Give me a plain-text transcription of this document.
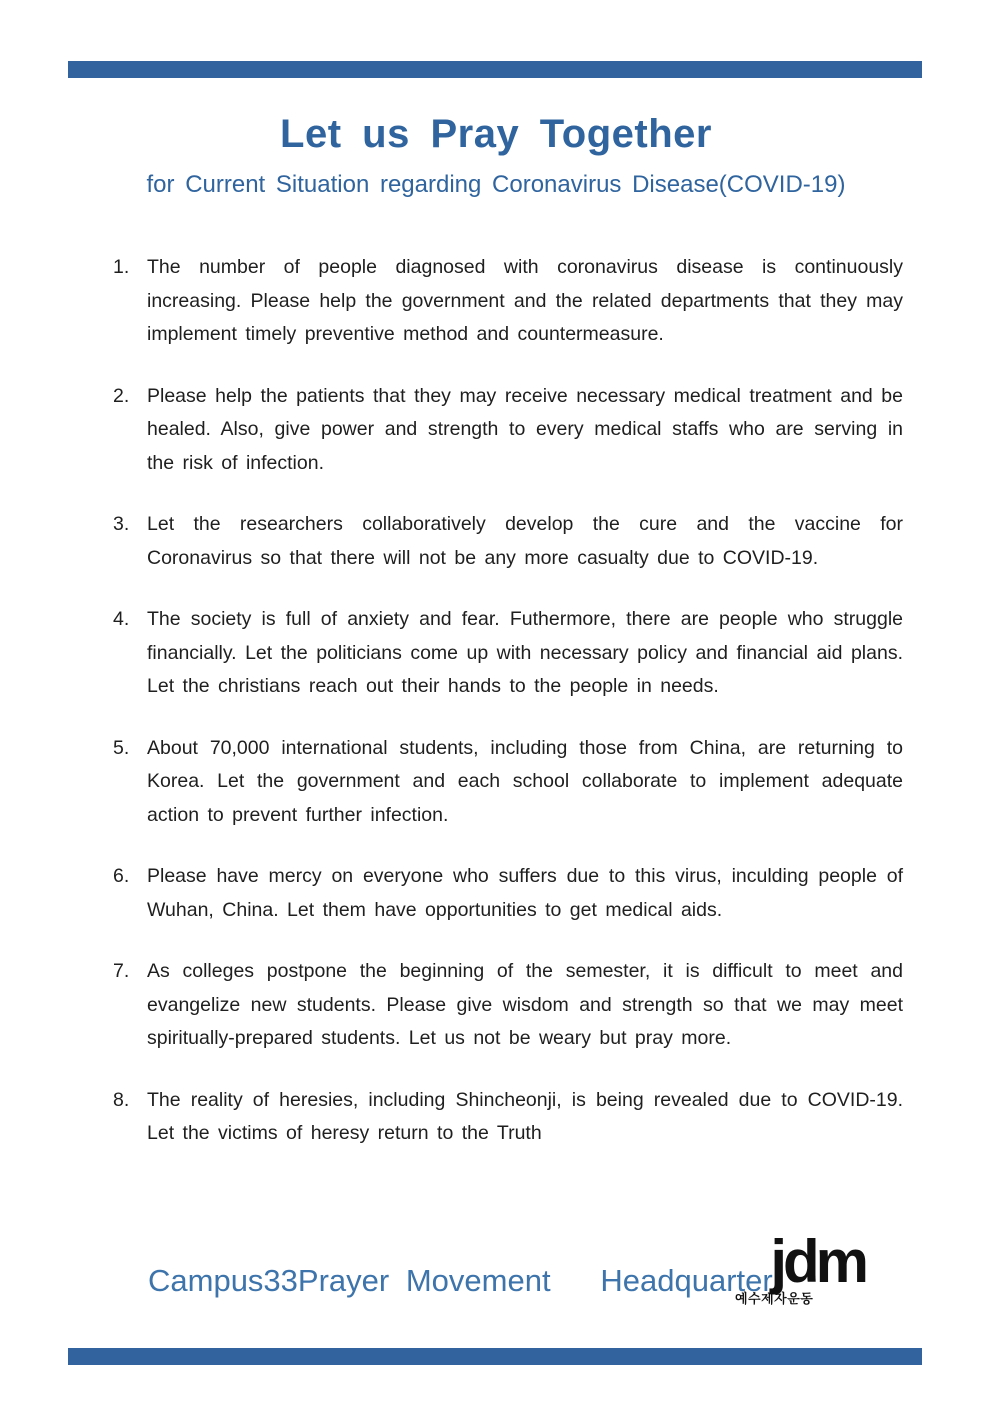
Let us Pray Together
for Current Situation regarding Coronavirus Disease(COVID-19)
1. The number of people diagnosed with coronavirus disease is continuously increasing. Please help the government and the related departments that they may implement timely preventive method and countermeasure.
2. Please help the patients that they may receive necessary medical treatment and be healed. Also, give power and strength to every medical staffs who are serving in the risk of infection.
3. Let the researchers collaboratively develop the cure and the vaccine for Coronavirus so that there will not be any more casualty due to COVID-19.
4. The society is full of anxiety and fear. Futhermore, there are people who struggle financially. Let the politicians come up with necessary policy and financial aid plans. Let the christians reach out their hands to the people in needs.
5. About 70,000 international students, including those from China, are returning to Korea. Let the government and each school collaborate to implement adequate action to prevent further infection.
6. Please have mercy on everyone who suffers due to this virus, inculding people of Wuhan, China. Let them have opportunities to get medical aids.
7. As colleges postpone the beginning of the semester, it is difficult to meet and evangelize new students. Please give wisdom and strength so that we may meet spiritually-prepared students. Let us not be weary but pray more.
8. The reality of heresies, including Shincheonji, is being revealed due to COVID-19. Let the victims of heresy return to the Truth
Campus33Prayer Movement   Headquarter
jdm
예수제자운동
